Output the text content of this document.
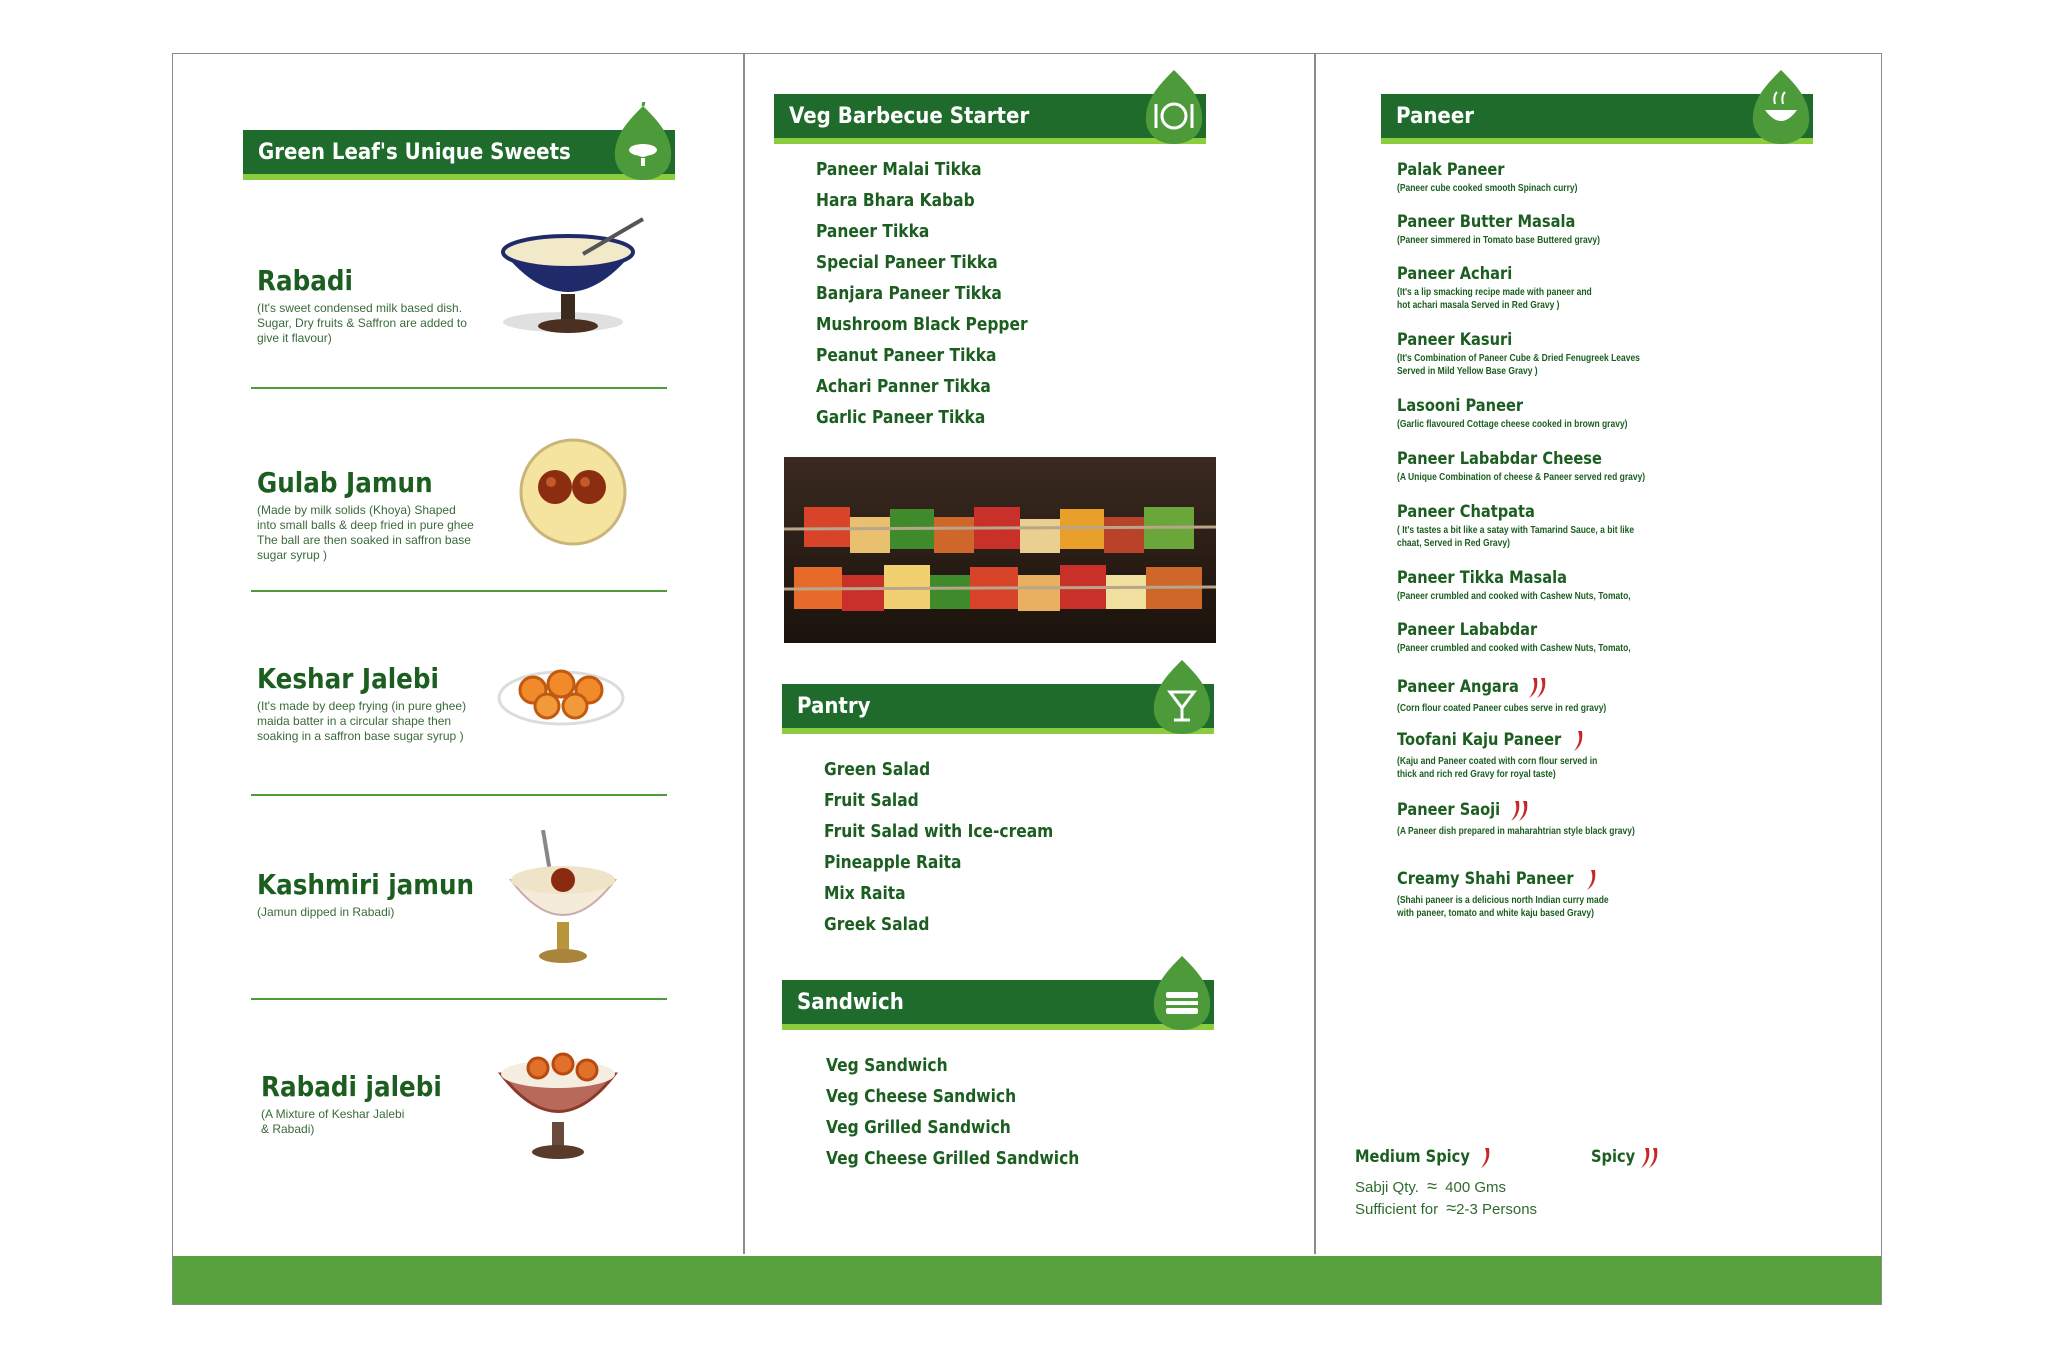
Green Leaf's Unique Sweets
Rabadi
(It's sweet condensed milk based dish. Sugar, Dry fruits & Saffron are added to give it flavour)
Gulab Jamun
(Made by milk solids (Khoya) Shaped into small balls & deep fried in pure ghee The ball are then soaked in saffron base sugar syrup )
Keshar Jalebi
(It's made by deep frying (in pure ghee) maida batter in a circular shape then soaking in a saffron base sugar syrup )
Kashmiri jamun
(Jamun dipped in Rabadi)
Rabadi jalebi
(A Mixture of Keshar Jalebi & Rabadi)
Veg Barbecue Starter
Paneer Malai Tikka
Hara Bhara Kabab
Paneer Tikka
Special Paneer Tikka
Banjara Paneer Tikka
Mushroom Black Pepper
Peanut Paneer Tikka
Achari Panner Tikka
Garlic Paneer Tikka
Pantry
Green Salad
Fruit Salad
Fruit Salad with Ice-cream
Pineapple Raita
Mix Raita
Greek Salad
Sandwich
Veg Sandwich
Veg Cheese Sandwich
Veg Grilled Sandwich
Veg Cheese Grilled Sandwich
Paneer
Palak Paneer
(Paneer cube cooked smooth Spinach curry)
Paneer Butter Masala
(Paneer simmered in Tomato base Buttered gravy)
Paneer Achari
(It's a lip smacking recipe made with paneer and hot achari masala Served in Red Gravy )
Paneer Kasuri
(It's Combination of Paneer Cube & Dried Fenugreek Leaves Served in Mild Yellow Base Gravy )
Lasooni Paneer
(Garlic flavoured Cottage cheese cooked in brown gravy)
Paneer Lababdar Cheese
(A Unique Combination of cheese & Paneer served red gravy)
Paneer Chatpata
( It's tastes a bit like a satay with Tamarind Sauce, a bit like chaat, Served in Red Gravy)
Paneer Tikka Masala
(Paneer crumbled and cooked with Cashew Nuts, Tomato,
Paneer Lababdar
(Paneer crumbled and cooked with Cashew Nuts, Tomato,
Paneer Angara
(Corn flour coated Paneer cubes serve in red gravy)
Toofani Kaju Paneer
(Kaju and Paneer coated with corn flour served in thick and rich red Gravy for royal taste)
Paneer Saoji
(A Paneer dish prepared in maharahtrian style black gravy)
Creamy Shahi Paneer
(Shahi paneer is a delicious north Indian curry made with paneer, tomato and white kaju based Gravy)
Medium Spicy	Spicy
Sabji Qty. ≈ 400 Gms
Sufficient for ≈2-3 Persons
